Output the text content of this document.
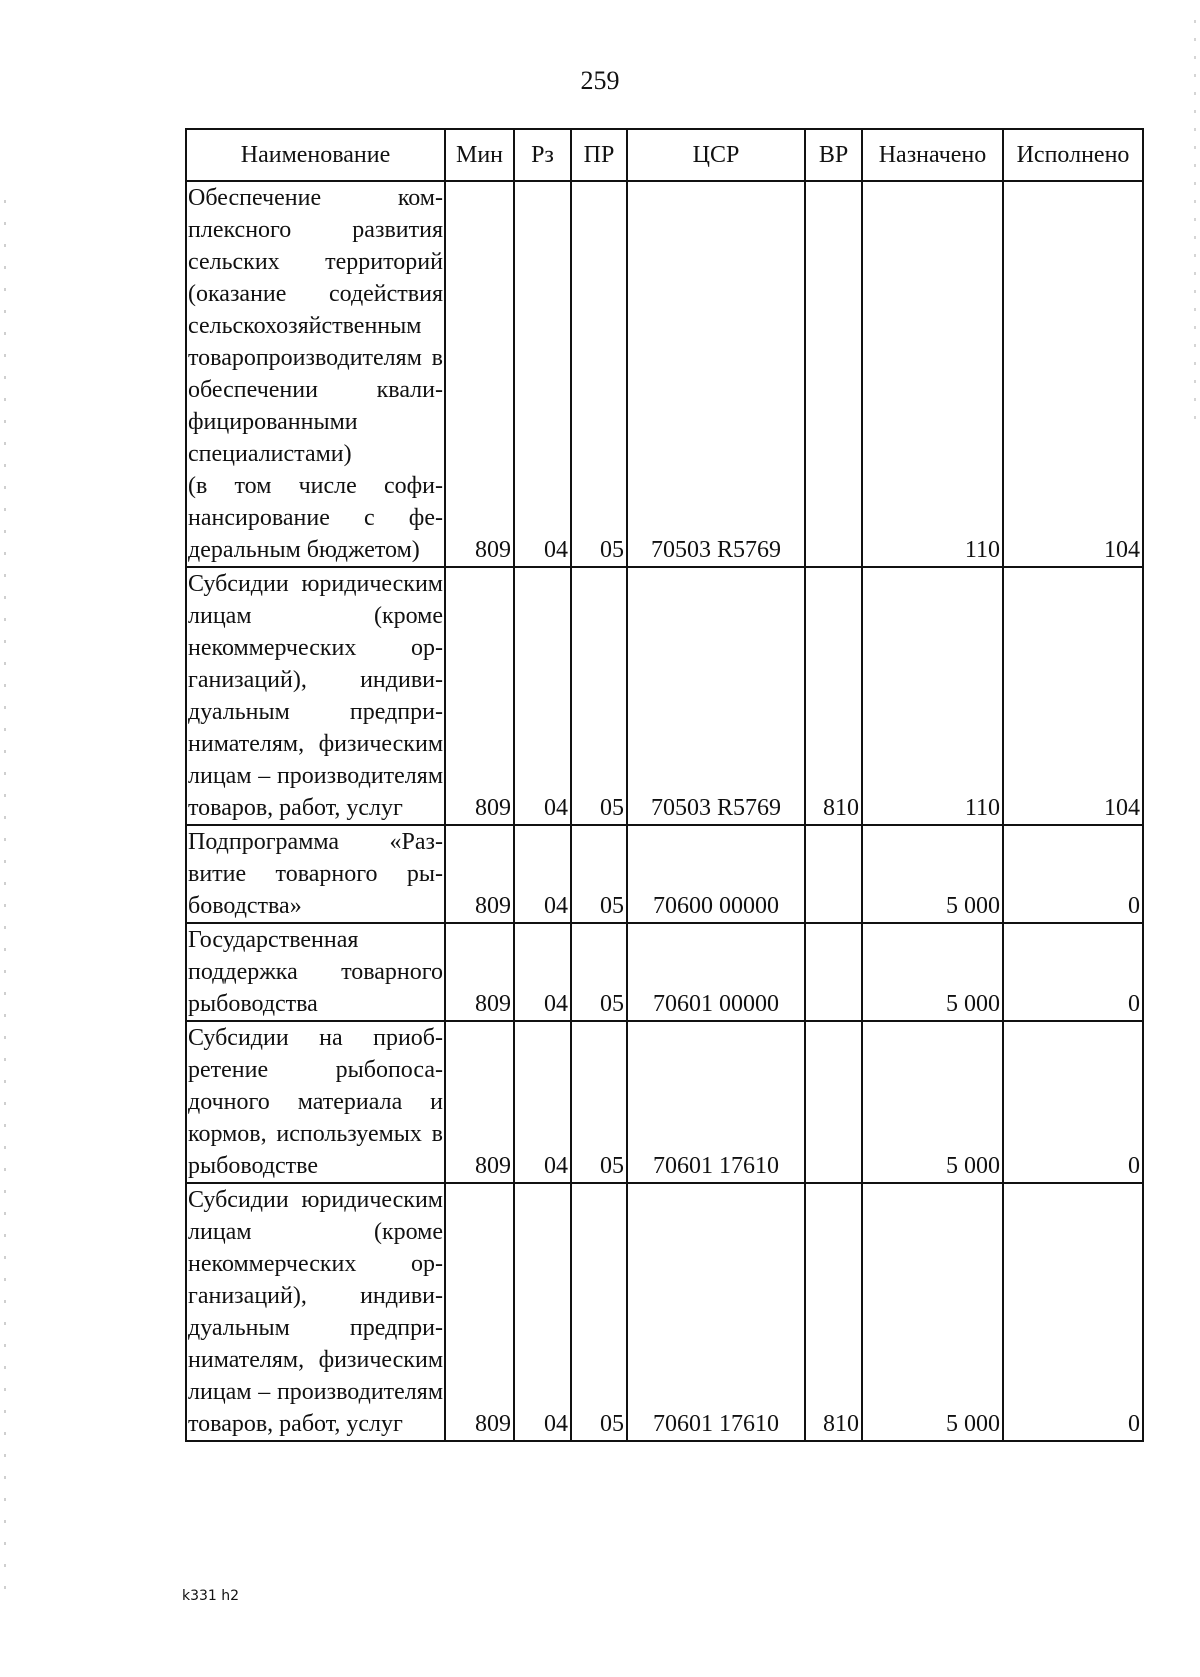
259
Наименование	Мин	Рз	ПР	ЦСР	ВР	Назначено	Исполнено
Обеспечение комплексного развития сельских территорий (оказание содействия сельскохозяйственным товаропроизводителям в обеспечении квалифицированными специалистами)
(в том числе софинансирование с федеральным бюджетом)	809	04	05	70503 R5769		110	104
Субсидии юридическим лицам (кроме некоммерческих организаций), индивидуальным предпринимателям, физическим лицам – производителям товаров, работ, услуг	809	04	05	70503 R5769	810	110	104
Подпрограмма «Развитие товарного рыбоводства»	809	04	05	70600 00000		5 000	0
Государственная поддержка товарного рыбоводства	809	04	05	70601 00000		5 000	0
Субсидии на приобретение рыбопосадочного материала и кормов, используемых в рыбоводстве	809	04	05	70601 17610		5 000	0
Субсидии юридическим лицам (кроме некоммерческих организаций), индивидуальным предпринимателям, физическим лицам – производителям товаров, работ, услуг	809	04	05	70601 17610	810	5 000	0
k331 h2
